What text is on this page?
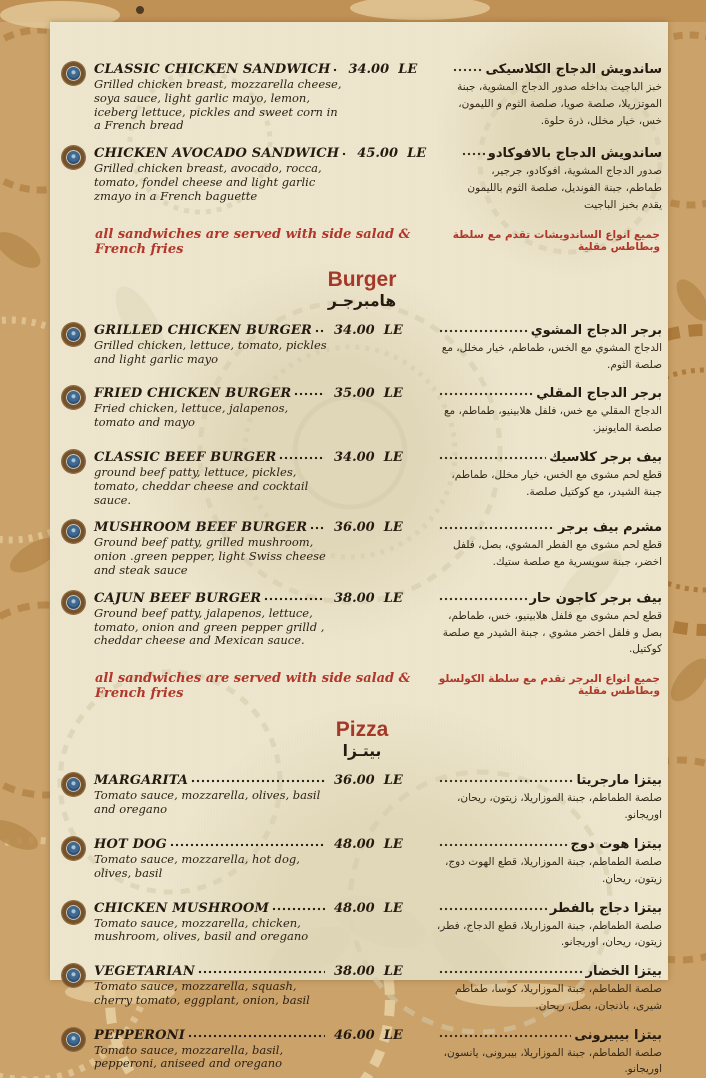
CLASSIC CHICKEN SANDWICH
Grilled chicken breast, mozzarella cheese, soya sauce, light garlic mayo, lemon, iceberg lettuce, pickles and sweet corn in a French bread
34.00 LE	ساندويش الدجاج الكلاسيكى
خبز الباجيت بداخله صدور الدجاج المشوية، جبنة الموتزريلا، صلصة صويا، صلصة الثوم و الليمون، خس، خيار مخلل، ذرة حلوة.
CHICKEN AVOCADO SANDWICH
Grilled chicken breast, avocado, rocca, tomato, fondel cheese and light garlic zmayo in a French baguette
45.00 LE	ساندويش الدجاج بالافوكادو
صدور الدجاج المشوية، افوكادو، جرجير، طماطم، جبنة الفونديل، صلصة الثوم بالليمون يقدم بخبز الباجيت
all sandwiches are served with side salad & French fries
جميع انواع الساندويشات تقدم مع سلطة وبطاطس مقلية
Burger
هامبرجـر
GRILLED CHICKEN BURGER
Grilled chicken, lettuce, tomato, pickles and light garlic mayo
34.00 LE	برجر الدجاج المشوي
الدجاج المشوي مع الخس، طماطم، خيار مخلل، مع صلصة الثوم.
FRIED CHICKEN BURGER
Fried chicken, lettuce, jalapenos, tomato and mayo
35.00 LE	برجر الدجاج المقلي
الدجاج المقلي مع خس، فلفل هلابينيو، طماطم، مع صلصة المايونيز.
CLASSIC BEEF BURGER
ground beef patty, lettuce, pickles, tomato, cheddar cheese and cocktail sauce.
34.00 LE	بيف برجر كلاسيك
قطع لحم مشوى مع الخس، خيار مخلل، طماطم، جبنة الشيدر، مع كوكتيل صلصة.
MUSHROOM BEEF BURGER
Ground beef patty, grilled mushroom, onion .green pepper, light Swiss cheese and steak sauce
36.00 LE	مشرم بيف برجر
قطع لحم مشوى مع الفطر المشوي، بصل، فلفل اخضر، جبنة سويسرية مع صلصة ستيك.
CAJUN BEEF BURGER
Ground beef patty, jalapenos, lettuce, tomato, onion and green pepper grilld , cheddar cheese and Mexican sauce.
38.00 LE	بيف برجر كاجون حار
قطع لحم مشوى مع فلفل هلابينيو، خس، طماطم، بصل و فلفل اخضر مشوي ، جبنة الشيدر مع صلصة كوكتيل.
all sandwiches are served with side salad & French fries
جميع انواع البرجر تقدم مع سلطة الكولسلو وبطاطس مقلية
Pizza
بيتـزا
MARGARITA
Tomato sauce, mozzarella, olives, basil and oregano
36.00 LE	بيتزا مارجريتا
صلصة الطماطم، جبنة الموزاريلا، زيتون، ريحان، اوريجانو.
HOT DOG
Tomato sauce, mozzarella, hot dog, olives, basil
48.00 LE	بيتزا هوت دوج
صلصة الطماطم، جبنة الموزاريلا، قطع الهوت دوج، زيتون، ريحان.
CHICKEN MUSHROOM
Tomato sauce, mozzarella, chicken, mushroom, olives, basil and oregano
48.00 LE	بيتزا دجاج بالفطر
صلصة الطماطم، جبنة الموزاريلا، قطع الدجاج، فطر، زيتون، ريحان، اوريجانو.
VEGETARIAN
Tomato sauce, mozzarella, squash, cherry tomato, eggplant, onion, basil
38.00 LE	بيتزا الخضار
صلصة الطماطم، جبنة الموزاريلا، كوسا، طماطم شيرى، باذنجان، بصل، ريحان.
PEPPERONI
Tomato sauce, mozzarella, basil, pepperoni, aniseed and oregano
46.00 LE	بيتزا بيبيرونى
صلصة الطماطم، جبنة الموزاريلا، بيبرونى، يانسون، اوريجانو.
